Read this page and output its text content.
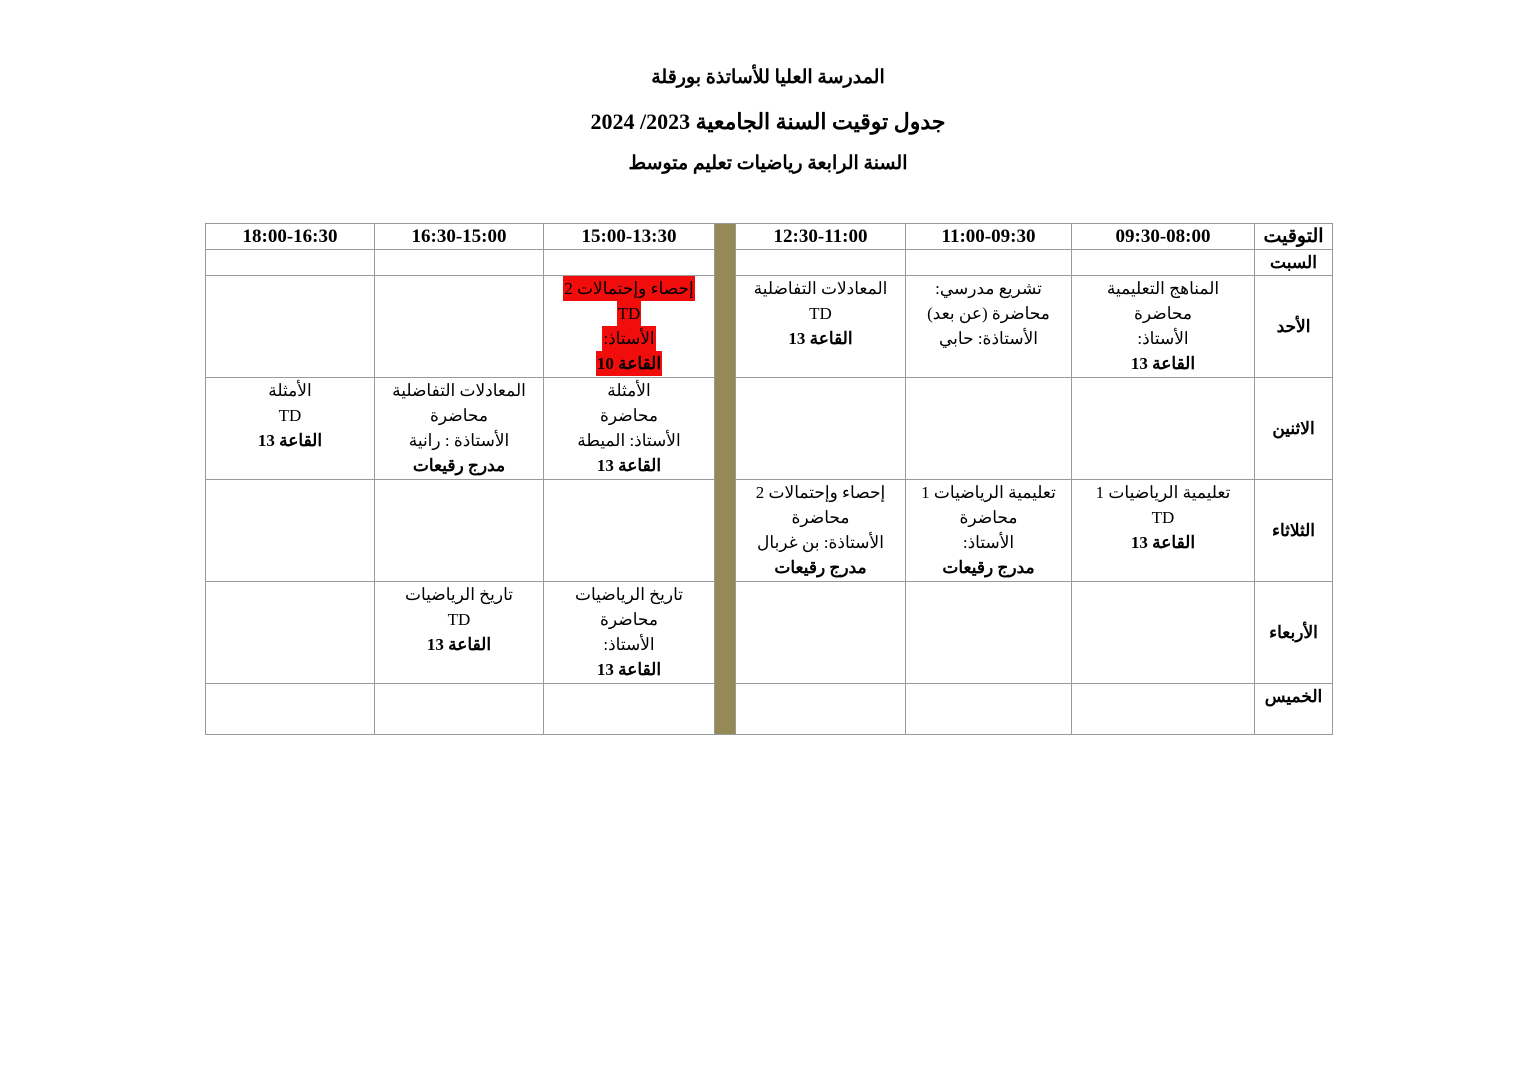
المدرسة العليا للأساتذة بورقلة
جدول توقيت السنة الجامعية 2023/ 2024
السنة الرابعة رياضيات تعليم متوسط
التوقيت	09:30-08:00	11:00-09:30	12:30-11:00		15:00-13:30	16:30-15:00	18:00-16:30
السبت							
الأحد	المناهج التعليمية
محاضرة
الأستاذ:
القاعة 13	تشريع مدرسي:
محاضرة (عن بعد)
الأستاذة: حابي	المعادلات التفاضلية
TD
القاعة 13		إحصاء وإحتمالات 2
TD
الأستاذ:
القاعة 10		

الاثنين					الأمثلة
محاضرة
الأستاذ: الميطة
القاعة 13	المعادلات التفاضلية
محاضرة
الأستاذة : رانية
مدرج رقيعات	الأمثلة
TD
القاعة 13

الثلاثاء	تعليمية الرياضيات 1
TD
القاعة 13	تعليمية الرياضيات 1
محاضرة
الأستاذ:
مدرج رقيعات	إحصاء وإحتمالات 2
محاضرة
الأستاذة: بن غربال
مدرج رقيعات				

الأربعاء					تاريخ الرياضيات
محاضرة
الأستاذ:
القاعة 13	تاريخ الرياضيات
TD
القاعة 13	

الخميس							
